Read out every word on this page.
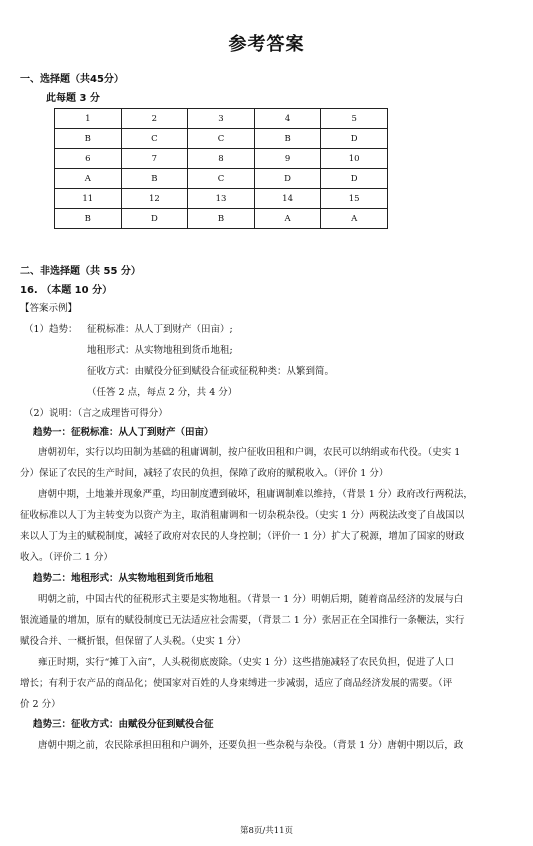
参考答案
一、选择题（共45分）
此每题 3 分
1	2	3	4	5
B	C	C	B	D
6	7	8	9	10
A	B	C	D	D
11	12	13	14	15
B	D	B	A	A
二、非选择题（共 55 分）
16. （本题 10 分）
【答案示例】
（1）趋势： 征税标准：从人丁到财产（田亩）;
地租形式：从实物地租到货币地租;
征收方式：由赋役分征到赋役合征或征税种类：从繁到简。
（任答 2 点，每点 2 分，共 4 分）
（2）说明：（言之成理皆可得分）
趋势一：征税标准：从人丁到财产（田亩）
唐朝初年，实行以均田制为基础的租庸调制，按户征收田租和户调，农民可以纳绢或布代役。（史实 1
分）保证了农民的生产时间，减轻了农民的负担，保障了政府的赋税收入。（评价 1 分）
唐朝中期，土地兼并现象严重，均田制度遭到破坏，租庸调制难以维持，（背景 1 分）政府改行两税法，
征收标准以人丁为主转变为以资产为主，取消租庸调和一切杂税杂役。（史实 1 分）两税法改变了自战国以
来以人丁为主的赋税制度，减轻了政府对农民的人身控制；（评价一 1 分）扩大了税源，增加了国家的财政
收入。（评价二 1 分）
趋势二：地租形式：从实物地租到货币地租
明朝之前，中国古代的征税形式主要是实物地租。（背景一 1 分）明朝后期，随着商品经济的发展与白
银流通量的增加，原有的赋役制度已无法适应社会需要，（背景二 1 分）张居正在全国推行一条鞭法，实行
赋役合并、一概折银，但保留了人头税。（史实 1 分）
雍正时期，实行“摊丁入亩”，人头税彻底废除。（史实 1 分）这些措施减轻了农民负担，促进了人口
增长；有利于农产品的商品化；使国家对百姓的人身束缚进一步减弱，适应了商品经济发展的需要。（评
价 2 分）
趋势三：征收方式：由赋役分征到赋役合征
唐朝中期之前，农民除承担田租和户调外，还要负担一些杂税与杂役。（背景 1 分）唐朝中期以后，政
第8页/共11页
